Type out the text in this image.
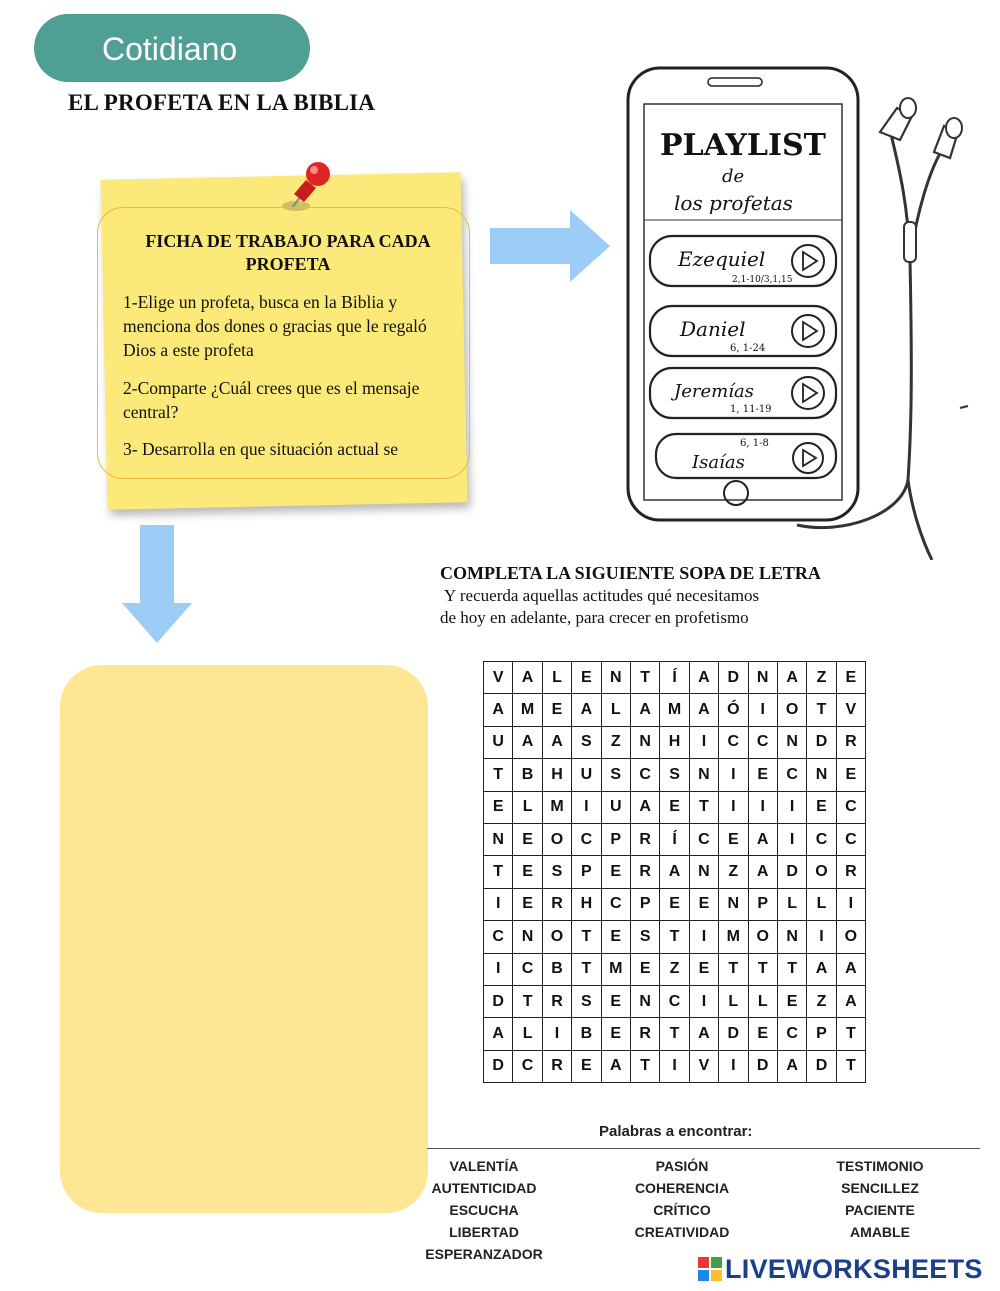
Cotidiano
EL PROFETA EN LA BIBLIA
FICHA DE TRABAJO PARA CADA PROFETA
1-Elige un profeta, busca en la Biblia y menciona dos dones o gracias que le regaló Dios a este profeta
2-Comparte ¿Cuál crees que es el mensaje central?
3- Desarrolla en que situación actual se
PLAYLIST
de
los profetas
Ezequiel
2,1-10/3,1,15
Daniel
6, 1-24
Jeremías
1, 11-19
6, 1-8
Isaías
COMPLETA LA SIGUIENTE SOPA DE LETRA
Y recuerda aquellas actitudes qué necesitamos
de hoy en adelante, para crecer en profetismo
V	A	L	E	N	T	Í	A	D	N	A	Z	E
A	M	E	A	L	A	M	A	Ó	I	O	T	V
U	A	A	S	Z	N	H	I	C	C	N	D	R
T	B	H	U	S	C	S	N	I	E	C	N	E
E	L	M	I	U	A	E	T	I	I	I	E	C
N	E	O	C	P	R	Í	C	E	A	I	C	C
T	E	S	P	E	R	A	N	Z	A	D	O	R
I	E	R	H	C	P	E	E	N	P	L	L	I
C	N	O	T	E	S	T	I	M	O	N	I	O
I	C	B	T	M	E	Z	E	T	T	T	A	A
D	T	R	S	E	N	C	I	L	L	E	Z	A
A	L	I	B	E	R	T	A	D	E	C	P	T
D	C	R	E	A	T	I	V	I	D	A	D	T
Palabras a encontrar:
VALENTÍA
AUTENTICIDAD
ESCUCHA
LIBERTAD
ESPERANZADOR
PASIÓN
COHERENCIA
CRÍTICO
CREATIVIDAD
TESTIMONIO
SENCILLEZ
PACIENTE
AMABLE
LIVEWORKSHEETS
